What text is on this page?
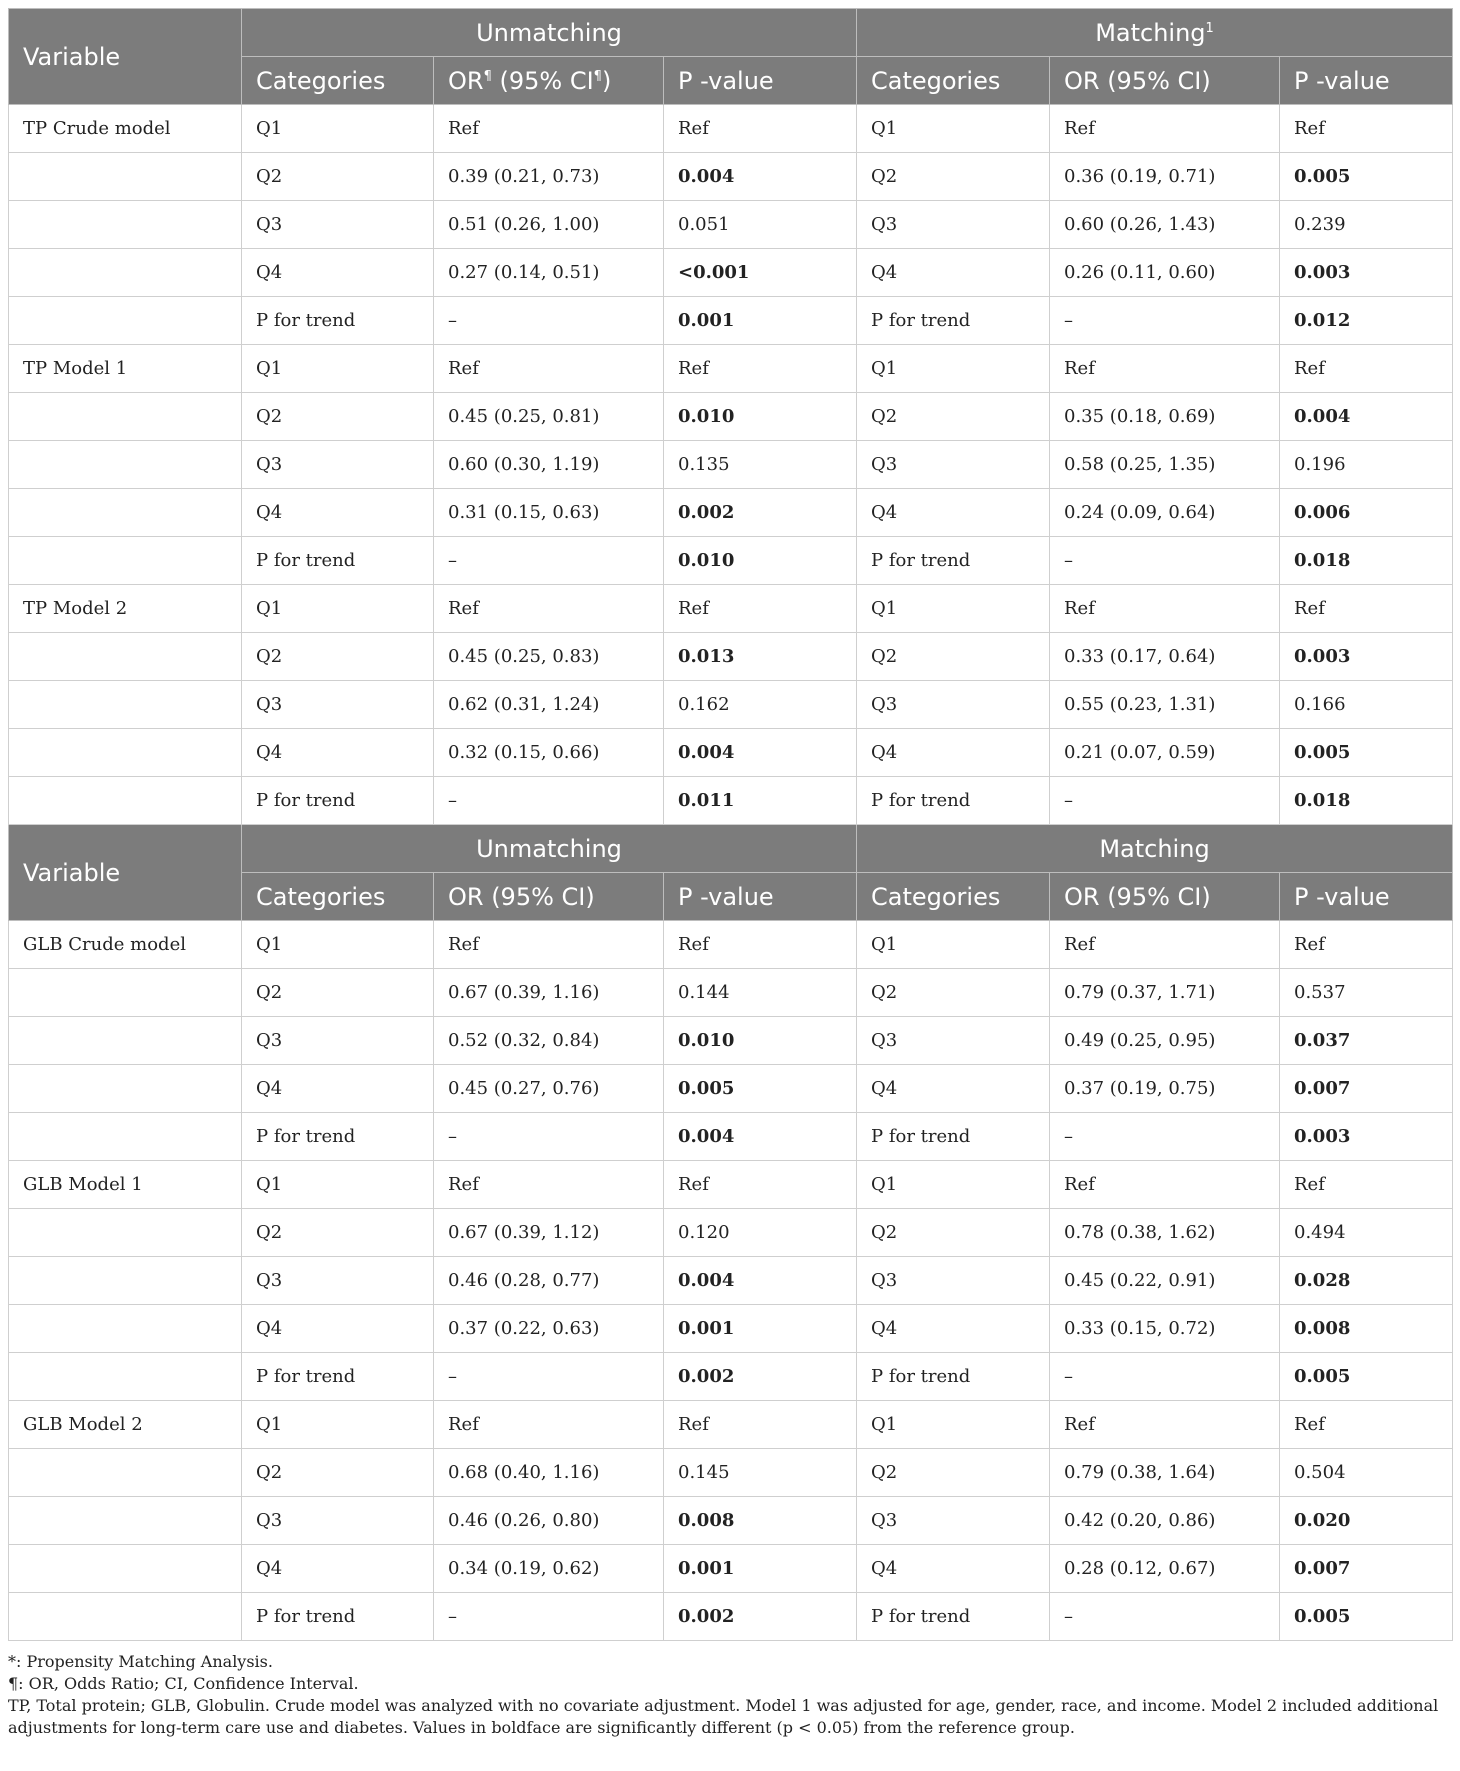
Variable	Unmatching			Matching$^1$
	Categories	OR¶ (95% CI¶)	P -value	Categories	OR (95% CI)	P -value
TP Crude model	Q1	Ref	Ref	Q1	Ref	Ref
	Q2	0.39 (0.21, 0.73)	0.004	Q2	0.36 (0.19, 0.71)	0.005
	Q3	0.51 (0.26, 1.00)	0.051	Q3	0.60 (0.26, 1.43)	0.239
	Q4	0.27 (0.14, 0.51)	<0.001	Q4	0.26 (0.11, 0.60)	0.003
	P for trend	–	0.001	P for trend	–	0.012
TP Model 1	Q1	Ref	Ref	Q1	Ref	Ref
	Q2	0.45 (0.25, 0.81)	0.010	Q2	0.35 (0.18, 0.69)	0.004
	Q3	0.60 (0.30, 1.19)	0.135	Q3	0.58 (0.25, 1.35)	0.196
	Q4	0.31 (0.15, 0.63)	0.002	Q4	0.24 (0.09, 0.64)	0.006
	P for trend	–	0.010	P for trend	–	0.018
TP Model 2	Q1	Ref	Ref	Q1	Ref	Ref
	Q2	0.45 (0.25, 0.83)	0.013	Q2	0.33 (0.17, 0.64)	0.003
	Q3	0.62 (0.31, 1.24)	0.162	Q3	0.55 (0.23, 1.31)	0.166
	Q4	0.32 (0.15, 0.66)	0.004	Q4	0.21 (0.07, 0.59)	0.005
	P for trend	–	0.011	P for trend	–	0.018
Variable	Unmatching			Matching		
	Categories	OR (95% CI)	P -value	Categories	OR (95% CI)	P -value
GLB Crude model	Q1	Ref	Ref	Q1	Ref	Ref
	Q2	0.67 (0.39, 1.16)	0.144	Q2	0.79 (0.37, 1.71)	0.537
	Q3	0.52 (0.32, 0.84)	0.010	Q3	0.49 (0.25, 0.95)	0.037
	Q4	0.45 (0.27, 0.76)	0.005	Q4	0.37 (0.19, 0.75)	0.007
	P for trend	–	0.004	P for trend	–	0.003
GLB Model 1	Q1	Ref	Ref	Q1	Ref	Ref
	Q2	0.67 (0.39, 1.12)	0.120	Q2	0.78 (0.38, 1.62)	0.494
	Q3	0.46 (0.28, 0.77)	0.004	Q3	0.45 (0.22, 0.91)	0.028
	Q4	0.37 (0.22, 0.63)	0.001	Q4	0.33 (0.15, 0.72)	0.008
	P for trend	–	0.002	P for trend	–	0.005
GLB Model 2	Q1	Ref	Ref	Q1	Ref	Ref
	Q2	0.68 (0.40, 1.16)	0.145	Q2	0.79 (0.38, 1.64)	0.504
	Q3	0.46 (0.26, 0.80)	0.008	Q3	0.42 (0.20, 0.86)	0.020
	Q4	0.34 (0.19, 0.62)	0.001	Q4	0.28 (0.12, 0.67)	0.007
	P for trend	–	0.002	P for trend	–	0.005
*: Propensity Matching Analysis.
¶: OR, Odds Ratio; CI, Confidence Interval.
TP, Total protein; GLB, Globulin. Crude model was analyzed with no covariate adjustment. Model 1 was adjusted for age, gender, race, and income. Model 2 included additional adjustments for long-term care use and diabetes. Values in boldface are significantly different (p < 0.05) from the reference group.
